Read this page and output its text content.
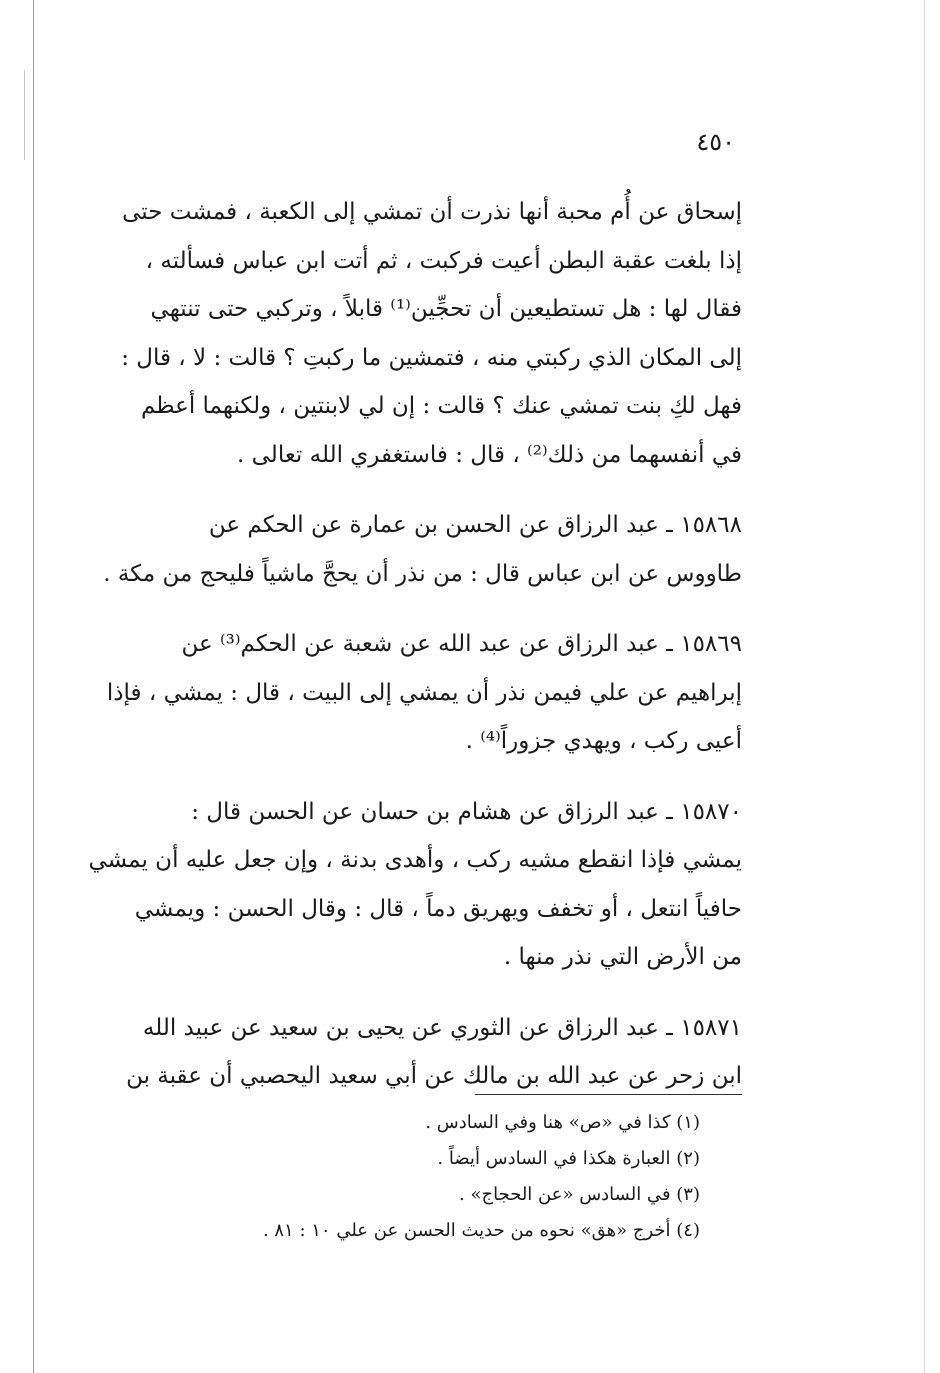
٤٥٠
إسحاق عن أُم محبة أنها نذرت أن تمشي إلى الكعبة ، فمشت حتى
إذا بلغت عقبة البطن أعيت فركبت ، ثم أتت ابن عباس فسألته ،
فقال لها : هل تستطيعين أن تحجِّين⁽¹⁾ قابلاً ، وتركبي حتى تنتهي
إلى المكان الذي ركبتي منه ، فتمشين ما ركبتِ ؟ قالت : لا ، قال :
فهل لكِ بنت تمشي عنك ؟ قالت : إن لي لابنتين ، ولكنهما أعظم
في أنفسهما من ذلك⁽²⁾ ، قال : فاستغفري الله تعالى .
١٥٨٦٨ ـ عبد الرزاق عن الحسن بن عمارة عن الحكم عن
طاووس عن ابن عباس قال : من نذر أن يحجَّ ماشياً فليحج من مكة .
١٥٨٦٩ ـ عبد الرزاق عن عبد الله عن شعبة عن الحكم⁽³⁾ عن
إبراهيم عن علي فيمن نذر أن يمشي إلى البيت ، قال : يمشي ، فإذا
أعيى ركب ، ويهدي جزوراً⁽⁴⁾ .
١٥٨٧٠ ـ عبد الرزاق عن هشام بن حسان عن الحسن قال :
يمشي فإذا انقطع مشيه ركب ، وأهدى بدنة ، وإن جعل عليه أن يمشي
حافياً انتعل ، أو تخفف ويهريق دماً ، قال : وقال الحسن : ويمشي
من الأرض التي نذر منها .
١٥٨٧١ ـ عبد الرزاق عن الثوري عن يحيى بن سعيد عن عبيد الله
ابن زحر عن عبد الله بن مالك عن أبي سعيد اليحصبي أن عقبة بن
(١) كذا في «ص» هنا وفي السادس .
(٢) العبارة هكذا في السادس أيضاً .
(٣) في السادس «عن الحجاج» .
(٤) أخرج «هق» نحوه من حديث الحسن عن علي ١٠ : ٨١ .
